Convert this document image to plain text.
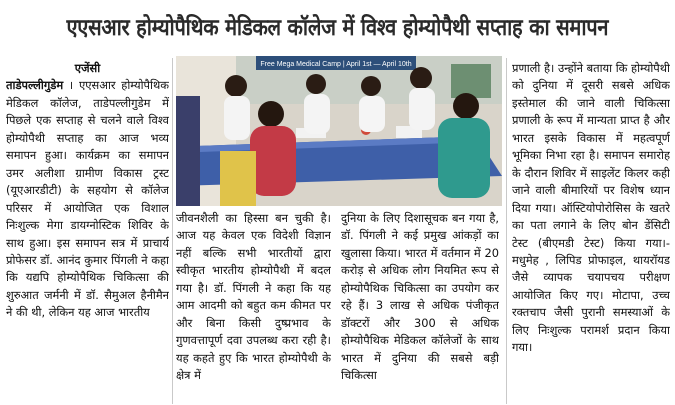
एएसआर होम्योपैथिक मेडिकल कॉलेज में विश्व होम्योपैथी सप्ताह का समापन

एजेंसी

ताडेपल्लीगुडेम । एएसआर होम्योपैथिक मेडिकल कॉलेज, ताडेपल्लीगुडेम में पिछले एक सप्ताह से चलने वाले विश्व होम्योपैथी सप्ताह का आज भव्य समापन हुआ। कार्यक्रम का समापन उमर अलीशा ग्रामीण विकास ट्रस्ट (यूएआरडीटी) के सहयोग से कॉलेज परिसर में आयोजित एक विशाल निःशुल्क मेगा डायग्नोस्टिक शिविर के साथ हुआ। इस समापन सत्र में प्राचार्य प्रोफेसर डॉ. आनंद कुमार पिंगली ने कहा कि यद्यपि होम्योपैथिक चिकित्सा की शुरुआत जर्मनी में डॉ. सैमुअल हैनीमैन ने की थी, लेकिन यह आज भारतीय

Free Mega Medical Camp | April 1st — April 10th

जीवनशैली का हिस्सा बन चुकी है। आज यह केवल एक विदेशी विज्ञान नहीं बल्कि सभी भारतीयों द्वारा स्वीकृत भारतीय होम्योपैथी में बदल गया है। डॉ. पिंगली ने कहा कि यह आम आदमी को बहुत कम कीमत पर और बिना किसी दुष्प्रभाव के गुणवत्तापूर्ण दवा उपलब्ध करा रही है। यह कहते हुए कि भारत होम्योपैथी के क्षेत्र में

दुनिया के लिए दिशासूचक बन गया है, डॉ. पिंगली ने कई प्रमुख आंकड़ों का खुलासा किया। भारत में वर्तमान में 20 करोड़ से अधिक लोग नियमित रूप से होम्योपैथिक चिकित्सा का उपयोग कर रहे हैं। 3 लाख से अधिक पंजीकृत डॉक्टरों और 300 से अधिक होम्योपैथिक मेडिकल कॉलेजों के साथ भारत में दुनिया की सबसे बड़ी चिकित्सा

प्रणाली है। उन्होंने बताया कि होम्योपैथी को दुनिया में दूसरी सबसे अधिक इस्तेमाल की जाने वाली चिकित्सा प्रणाली के रूप में मान्यता प्राप्त है और भारत इसके विकास में महत्वपूर्ण भूमिका निभा रहा है। समापन समारोह के दौरान शिविर में साइलेंट किलर कही जाने वाली बीमारियों पर विशेष ध्यान दिया गया। ऑस्टियोपोरोसिस के खतरे का पता लगाने के लिए बोन डेंसिटी टेस्ट (बीएमडी टेस्ट) किया गया।- मधुमेह , लिपिड प्रोफाइल, थायरॉयड जैसे व्यापक चयापचय परीक्षण आयोजित किए गए। मोटापा, उच्च रक्तचाप जैसी पुरानी समस्याओं के लिए निःशुल्क परामर्श प्रदान किया गया।
